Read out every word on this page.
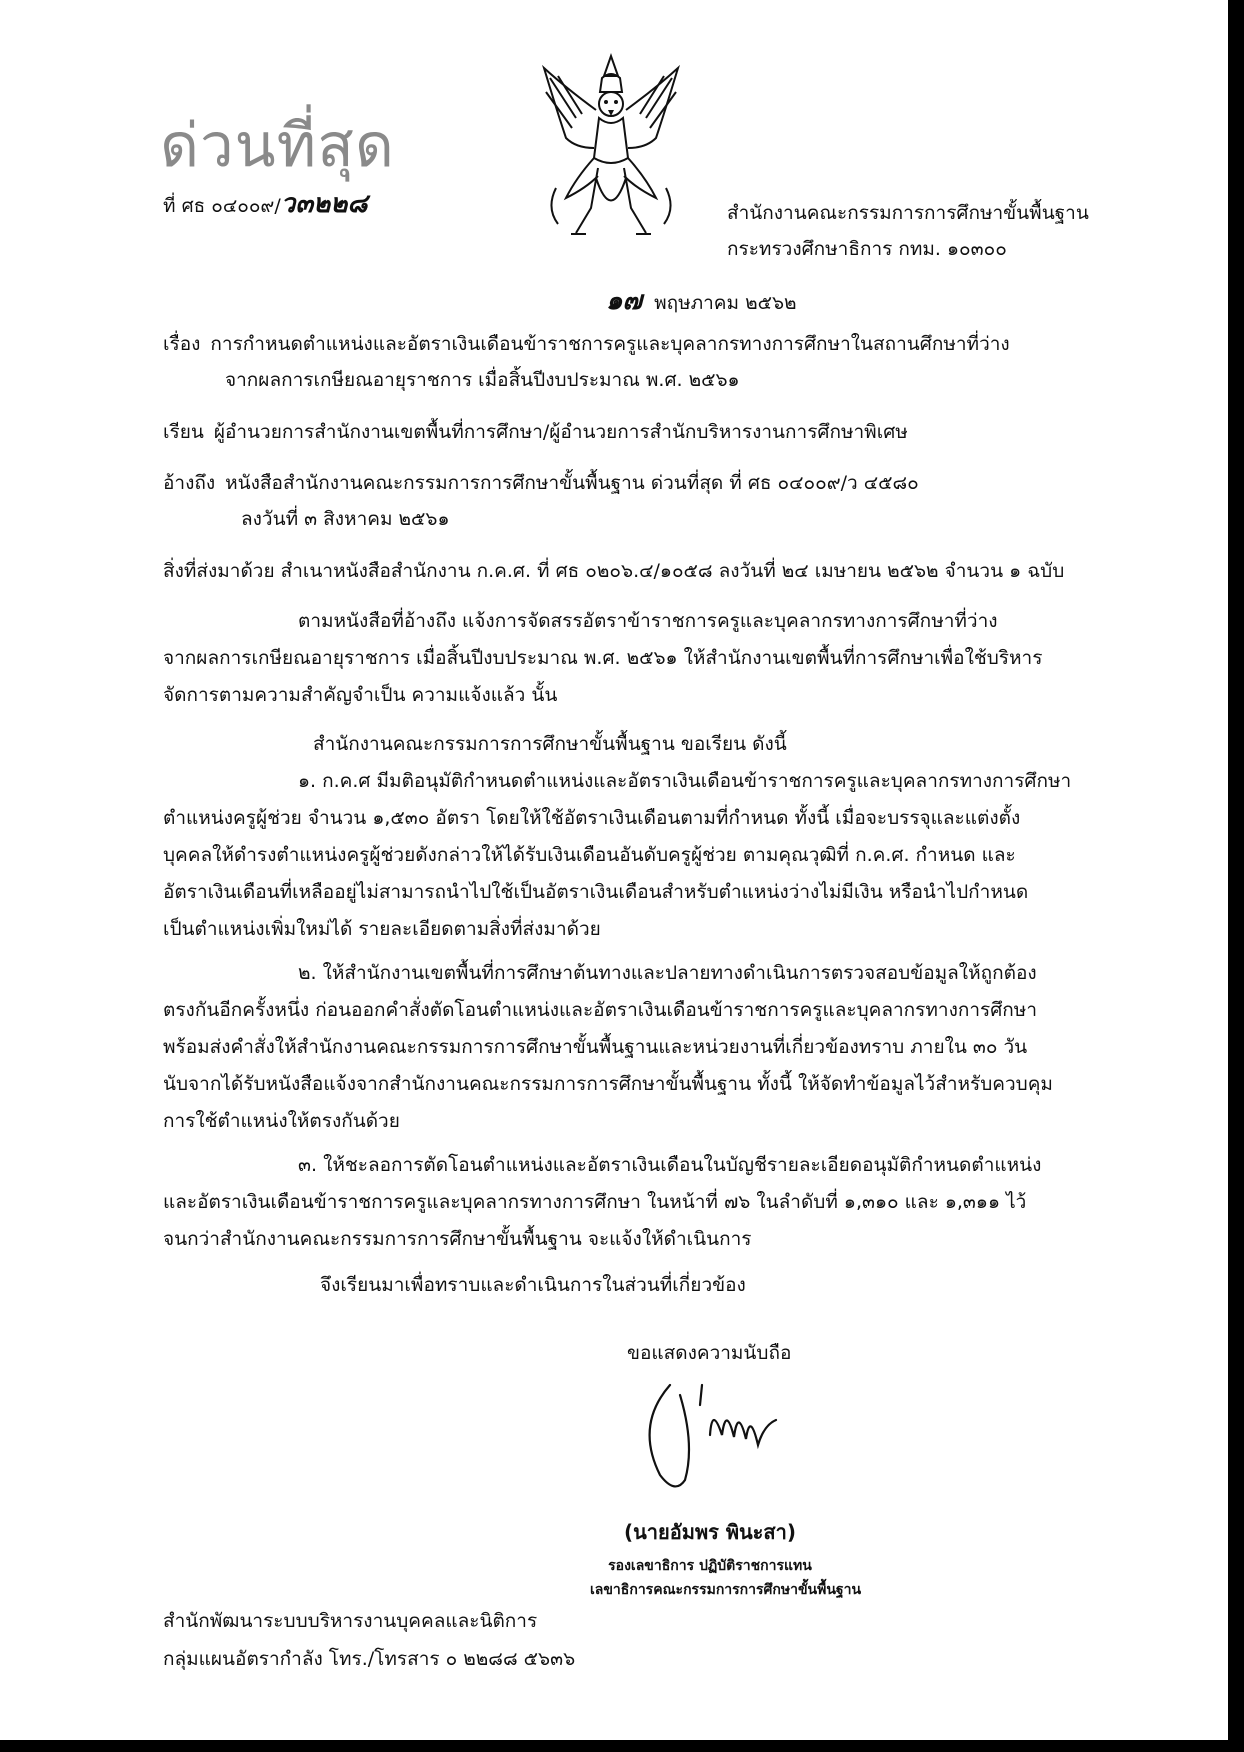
ด่วนที่สุด
ที่ ศธ ๐๔๐๐๙/ว๓๒๒๘	สำนักงานคณะกรรมการการศึกษาขั้นพื้นฐาน
กระทรวงศึกษาธิการ กทม. ๑๐๓๐๐
๑๗ พฤษภาคม ๒๕๖๒
เรื่อง การกำหนดตำแหน่งและอัตราเงินเดือนข้าราชการครูและบุคลากรทางการศึกษาในสถานศึกษาที่ว่าง
จากผลการเกษียณอายุราชการ เมื่อสิ้นปีงบประมาณ พ.ศ. ๒๕๖๑
เรียน ผู้อำนวยการสำนักงานเขตพื้นที่การศึกษา/ผู้อำนวยการสำนักบริหารงานการศึกษาพิเศษ
อ้างถึง หนังสือสำนักงานคณะกรรมการการศึกษาขั้นพื้นฐาน ด่วนที่สุด ที่ ศธ ๐๔๐๐๙/ว ๔๕๘๐
ลงวันที่ ๓ สิงหาคม ๒๕๖๑
สิ่งที่ส่งมาด้วย สำเนาหนังสือสำนักงาน ก.ค.ศ. ที่ ศธ ๐๒๐๖.๔/๑๐๕๘ ลงวันที่ ๒๔ เมษายน ๒๕๖๒ จำนวน ๑ ฉบับ
ตามหนังสือที่อ้างถึง แจ้งการจัดสรรอัตราข้าราชการครูและบุคลากรทางการศึกษาที่ว่าง
จากผลการเกษียณอายุราชการ เมื่อสิ้นปีงบประมาณ พ.ศ. ๒๕๖๑ ให้สำนักงานเขตพื้นที่การศึกษาเพื่อใช้บริหาร
จัดการตามความสำคัญจำเป็น ความแจ้งแล้ว นั้น
สำนักงานคณะกรรมการการศึกษาขั้นพื้นฐาน ขอเรียน ดังนี้
๑. ก.ค.ศ มีมติอนุมัติกำหนดตำแหน่งและอัตราเงินเดือนข้าราชการครูและบุคลากรทางการศึกษา
ตำแหน่งครูผู้ช่วย จำนวน ๑,๕๓๐ อัตรา โดยให้ใช้อัตราเงินเดือนตามที่กำหนด ทั้งนี้ เมื่อจะบรรจุและแต่งตั้ง
บุคคลให้ดำรงตำแหน่งครูผู้ช่วยดังกล่าวให้ได้รับเงินเดือนอันดับครูผู้ช่วย ตามคุณวุฒิที่ ก.ค.ศ. กำหนด และ
อัตราเงินเดือนที่เหลืออยู่ไม่สามารถนำไปใช้เป็นอัตราเงินเดือนสำหรับตำแหน่งว่างไม่มีเงิน หรือนำไปกำหนด
เป็นตำแหน่งเพิ่มใหม่ได้ รายละเอียดตามสิ่งที่ส่งมาด้วย
๒. ให้สำนักงานเขตพื้นที่การศึกษาต้นทางและปลายทางดำเนินการตรวจสอบข้อมูลให้ถูกต้อง
ตรงกันอีกครั้งหนึ่ง ก่อนออกคำสั่งตัดโอนตำแหน่งและอัตราเงินเดือนข้าราชการครูและบุคลากรทางการศึกษา
พร้อมส่งคำสั่งให้สำนักงานคณะกรรมการการศึกษาขั้นพื้นฐานและหน่วยงานที่เกี่ยวข้องทราบ ภายใน ๓๐ วัน
นับจากได้รับหนังสือแจ้งจากสำนักงานคณะกรรมการการศึกษาขั้นพื้นฐาน ทั้งนี้ ให้จัดทำข้อมูลไว้สำหรับควบคุม
การใช้ตำแหน่งให้ตรงกันด้วย
๓. ให้ชะลอการตัดโอนตำแหน่งและอัตราเงินเดือนในบัญชีรายละเอียดอนุมัติกำหนดตำแหน่ง
และอัตราเงินเดือนข้าราชการครูและบุคลากรทางการศึกษา ในหน้าที่ ๗๖ ในลำดับที่ ๑,๓๑๐ และ ๑,๓๑๑ ไว้
จนกว่าสำนักงานคณะกรรมการการศึกษาขั้นพื้นฐาน จะแจ้งให้ดำเนินการ
จึงเรียนมาเพื่อทราบและดำเนินการในส่วนที่เกี่ยวข้อง
ขอแสดงความนับถือ
(นายอัมพร พินะสา)
รองเลขาธิการ ปฏิบัติราชการแทน
เลขาธิการคณะกรรมการการศึกษาขั้นพื้นฐาน
สำนักพัฒนาระบบบริหารงานบุคคลและนิติการ
กลุ่มแผนอัตรากำลัง โทร./โทรสาร ๐ ๒๒๘๘ ๕๖๓๖
